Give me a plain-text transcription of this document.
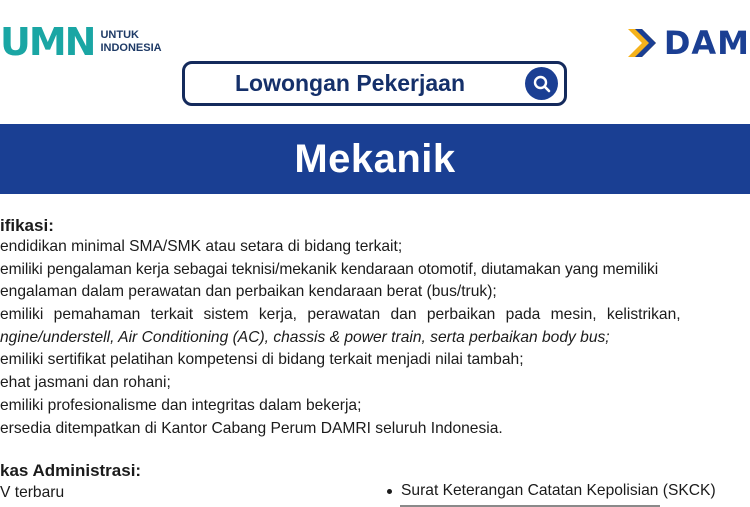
UMN UNTUK
INDONESIA	DAM
Lowongan Pekerjaan
Mekanik
ifikasi:
endidikan minimal SMA/SMK atau setara di bidang terkait;
emiliki pengalaman kerja sebagai teknisi/mekanik kendaraan otomotif, diutamakan yang memiliki
engalaman dalam perawatan dan perbaikan kendaraan berat (bus/truk);
emiliki pemahaman terkait sistem kerja, perawatan dan perbaikan pada mesin, kelistrikan,
ngine/understell, Air Conditioning (AC), chassis & power train, serta perbaikan body bus;
emiliki sertifikat pelatihan kompetensi di bidang terkait menjadi nilai tambah;
ehat jasmani dan rohani;
emiliki profesionalisme dan integritas dalam bekerja;
ersedia ditempatkan di Kantor Cabang Perum DAMRI seluruh Indonesia.
kas Administrasi:
V terbaru	Surat Keterangan Catatan Kepolisian (SKCK)
